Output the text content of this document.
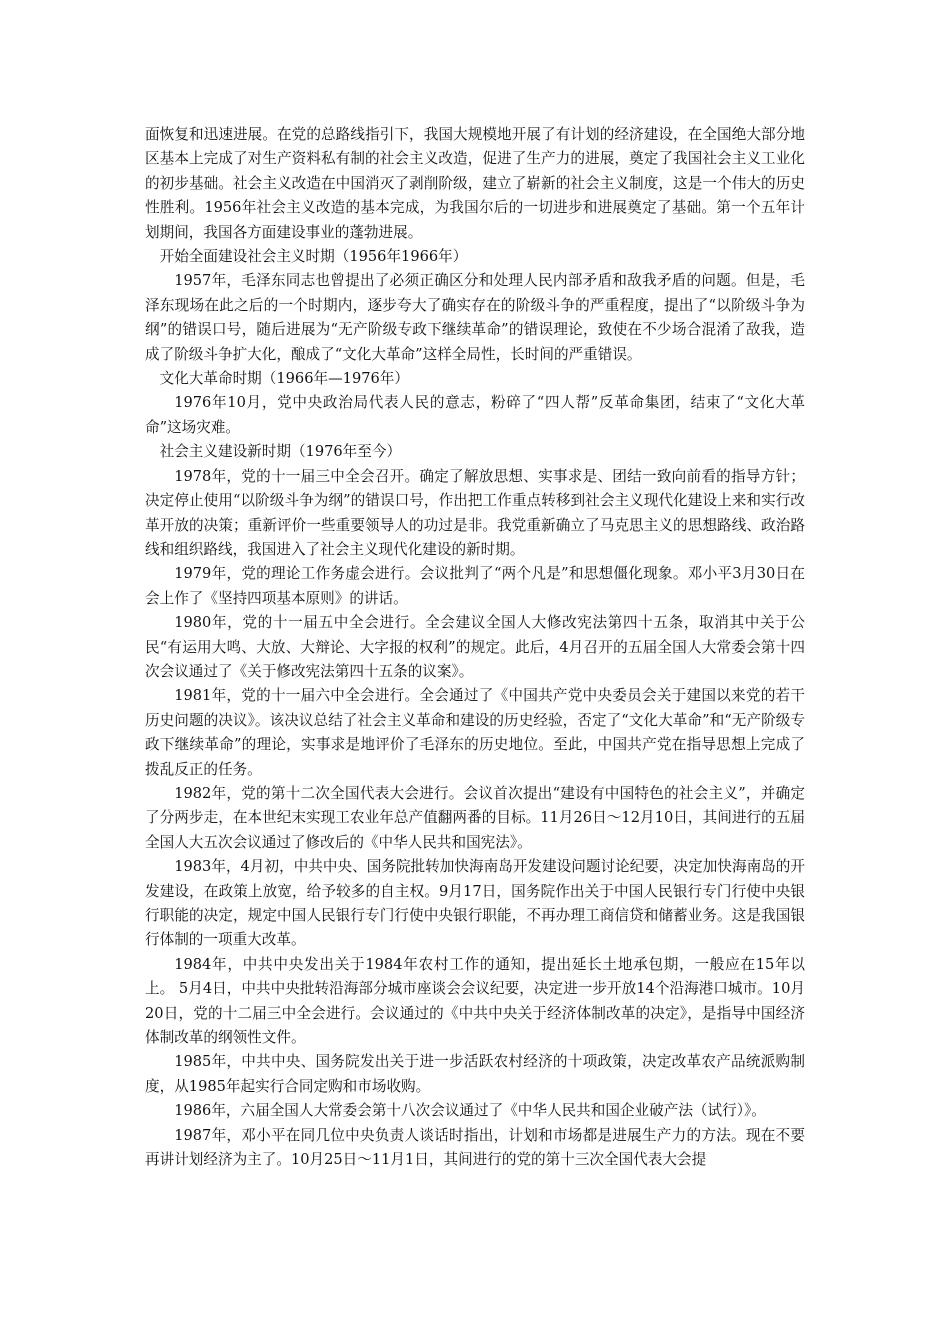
面恢复和迅速进展。在党的总路线指引下，我国大规模地开展了有计划的经济建设，在全国绝大部分地区基本上完成了对生产资料私有制的社会主义改造，促进了生产力的进展，奠定了我国社会主义工业化的初步基础。社会主义改造在中国消灭了剥削阶级，建立了崭新的社会主义制度，这是一个伟大的历史性胜利。1956年社会主义改造的基本完成，为我国尔后的一切进步和进展奠定了基础。第一个五年计划期间，我国各方面建设事业的蓬勃进展。

开始全面建设社会主义时期（1956年1966年）

1957年，毛泽东同志也曾提出了必须正确区分和处理人民内部矛盾和敌我矛盾的问题。但是，毛泽东现场在此之后的一个时期内，逐步夸大了确实存在的阶级斗争的严重程度，提出了“以阶级斗争为纲”的错误口号，随后进展为“无产阶级专政下继续革命”的错误理论，致使在不少场合混淆了敌我，造成了阶级斗争扩大化，酿成了“文化大革命”这样全局性，长时间的严重错误。

文化大革命时期（1966年—1976年）

1976年10月，党中央政治局代表人民的意志，粉碎了“四人帮”反革命集团，结束了“文化大革命”这场灾难。

社会主义建设新时期（1976年至今）

1978年，党的十一届三中全会召开。确定了解放思想、实事求是、团结一致向前看的指导方针；决定停止使用“以阶级斗争为纲”的错误口号，作出把工作重点转移到社会主义现代化建设上来和实行改革开放的决策；重新评价一些重要领导人的功过是非。我党重新确立了马克思主义的思想路线、政治路线和组织路线，我国进入了社会主义现代化建设的新时期。

1979年，党的理论工作务虚会进行。会议批判了“两个凡是”和思想僵化现象。邓小平3月30日在会上作了《坚持四项基本原则》的讲话。

1980年，党的十一届五中全会进行。全会建议全国人大修改宪法第四十五条，取消其中关于公民“有运用大鸣、大放、大辩论、大字报的权利”的规定。此后，4月召开的五届全国人大常委会第十四次会议通过了《关于修改宪法第四十五条的议案》。

1981年，党的十一届六中全会进行。全会通过了《中国共产党中央委员会关于建国以来党的若干历史问题的决议》。该决议总结了社会主义革命和建设的历史经验，否定了“文化大革命”和“无产阶级专政下继续革命”的理论，实事求是地评价了毛泽东的历史地位。至此，中国共产党在指导思想上完成了拨乱反正的任务。

1982年，党的第十二次全国代表大会进行。会议首次提出“建设有中国特色的社会主义”，并确定了分两步走，在本世纪末实现工农业年总产值翻两番的目标。11月26日～12月10日，其间进行的五届全国人大五次会议通过了修改后的《中华人民共和国宪法》。

1983年，4月初，中共中央、国务院批转加快海南岛开发建设问题讨论纪要，决定加快海南岛的开发建设，在政策上放宽，给予较多的自主权。9月17日，国务院作出关于中国人民银行专门行使中央银行职能的决定，规定中国人民银行专门行使中央银行职能，不再办理工商信贷和储蓄业务。这是我国银行体制的一项重大改革。

1984年，中共中央发出关于1984年农村工作的通知，提出延长土地承包期，一般应在15年以上。 5月4日，中共中央批转沿海部分城市座谈会会议纪要，决定进一步开放14个沿海港口城市。10月20日，党的十二届三中全会进行。会议通过的《中共中央关于经济体制改革的决定》，是指导中国经济体制改革的纲领性文件。

1985年，中共中央、国务院发出关于进一步活跃农村经济的十项政策，决定改革农产品统派购制度，从1985年起实行合同定购和市场收购。

1986年，六届全国人大常委会第十八次会议通过了《中华人民共和国企业破产法（试行）》。

1987年，邓小平在同几位中央负责人谈话时指出，计划和市场都是进展生产力的方法。现在不要再讲计划经济为主了。10月25日～11月1日，其间进行的党的第十三次全国代表大会提
